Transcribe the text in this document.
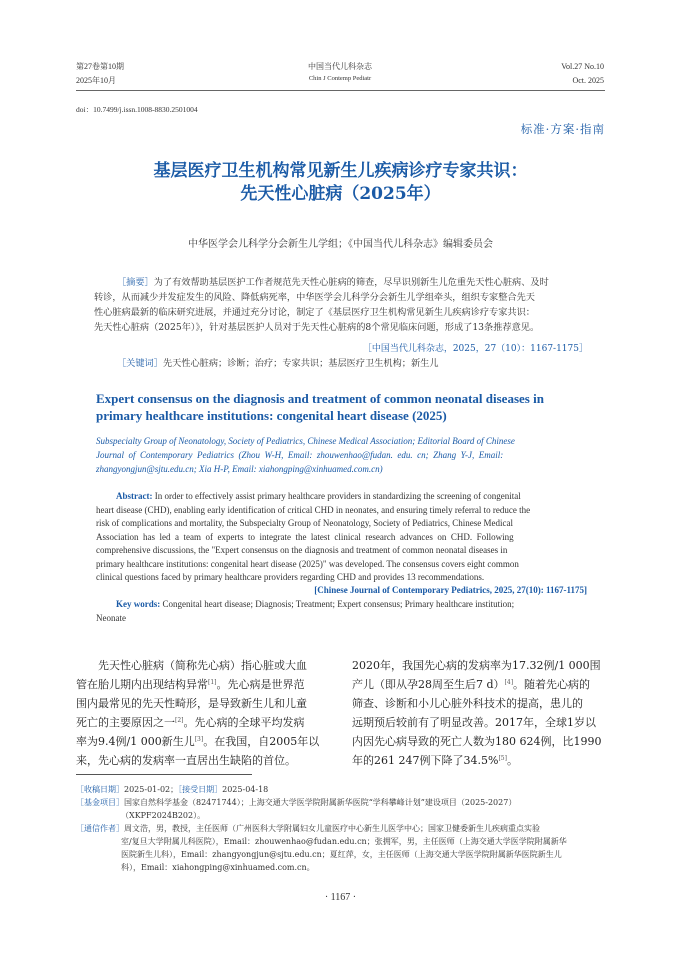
第27卷第10期
2025年10月
中国当代儿科杂志
Chin J Contemp Pediatr
Vol.27 No.10
Oct. 2025
doi：10.7499/j.issn.1008-8830.2501004
标准·方案·指南
基层医疗卫生机构常见新生儿疾病诊疗专家共识：
先天性心脏病（2025年）
中华医学会儿科学分会新生儿学组；《中国当代儿科杂志》编辑委员会
［摘要］为了有效帮助基层医护工作者规范先天性心脏病的筛查，尽早识别新生儿危重先天性心脏病、及时
转诊，从而减少并发症发生的风险、降低病死率，中华医学会儿科学分会新生儿学组牵头，组织专家整合先天
性心脏病最新的临床研究进展，并通过充分讨论，制定了《基层医疗卫生机构常见新生儿疾病诊疗专家共识：
先天性心脏病（2025年）》，针对基层医护人员对于先天性心脏病的8个常见临床问题，形成了13条推荐意见。
［中国当代儿科杂志，2025，27（10）：1167-1175］
［关键词］先天性心脏病；诊断；治疗；专家共识；基层医疗卫生机构；新生儿
Expert consensus on the diagnosis and treatment of common neonatal diseases in
primary healthcare institutions: congenital heart disease (2025)
Subspecialty Group of Neonatology, Society of Pediatrics, Chinese Medical Association; Editorial Board of Chinese
Journal  of  Contemporary  Pediatrics  (Zhou  W-H,  Email:  zhouwenhao@fudan.  edu.  cn;  Zhang  Y-J,  Email:
zhangyongjun@sjtu.edu.cn; Xia H-P, Email: xiahongping@xinhuamed.com.cn)
Abstract: In order to effectively assist primary healthcare providers in standardizing the screening of congenital
heart disease (CHD), enabling early identification of critical CHD in neonates, and ensuring timely referral to reduce the
risk of complications and mortality, the Subspecialty Group of Neonatology, Society of Pediatrics, Chinese Medical
Association  has  led  a  team  of  experts  to  integrate  the  latest  clinical  research  advances  on  CHD.  Following
comprehensive discussions, the "Expert consensus on the diagnosis and treatment of common neonatal diseases in
primary healthcare institutions: congenital heart disease (2025)" was developed. The consensus covers eight common
clinical questions faced by primary healthcare providers regarding CHD and provides 13 recommendations.
[Chinese Journal of Contemporary Pediatrics, 2025, 27(10): 1167-1175]
Key words: Congenital heart disease; Diagnosis; Treatment; Expert consensus; Primary healthcare institution;
Neonate
先天性心脏病（简称先心病）指心脏或大血
管在胎儿期内出现结构异常[1]。先心病是世界范
围内最常见的先天性畸形，是导致新生儿和儿童
死亡的主要原因之一[2]。先心病的全球平均发病
率为9.4例/1 000新生儿[3]。在我国，自2005年以
来，先心病的发病率一直居出生缺陷的首位。
2020年，我国先心病的发病率为17.32例/1 000围
产儿（即从孕28周至生后7 d）[4]。随着先心病的
筛查、诊断和小儿心脏外科技术的提高，患儿的
远期预后较前有了明显改善。2017年，全球1岁以
内因先心病导致的死亡人数为180 624例，比1990
年的261 247例下降了34.5%[5]。
［收稿日期］2025-01-02；［接受日期］2025-04-18
［基金项目］国家自然科学基金（82471744）；上海交通大学医学院附属新华医院“学科攀峰计划”建设项目（2025-2027）
（XKPF2024B202）。
［通信作者］周文浩，男，教授，主任医师（广州医科大学附属妇女儿童医疗中心新生儿医学中心；国家卫健委新生儿疾病重点实验
室/复旦大学附属儿科医院），Email：zhouwenhao@fudan.edu.cn；张拥军，男，主任医师（上海交通大学医学院附属新华
医院新生儿科），Email：zhangyongjun@sjtu.edu.cn；夏红萍，女，主任医师（上海交通大学医学院附属新华医院新生儿
科），Email：xiahongping@xinhuamed.com.cn。
· 1167 ·
